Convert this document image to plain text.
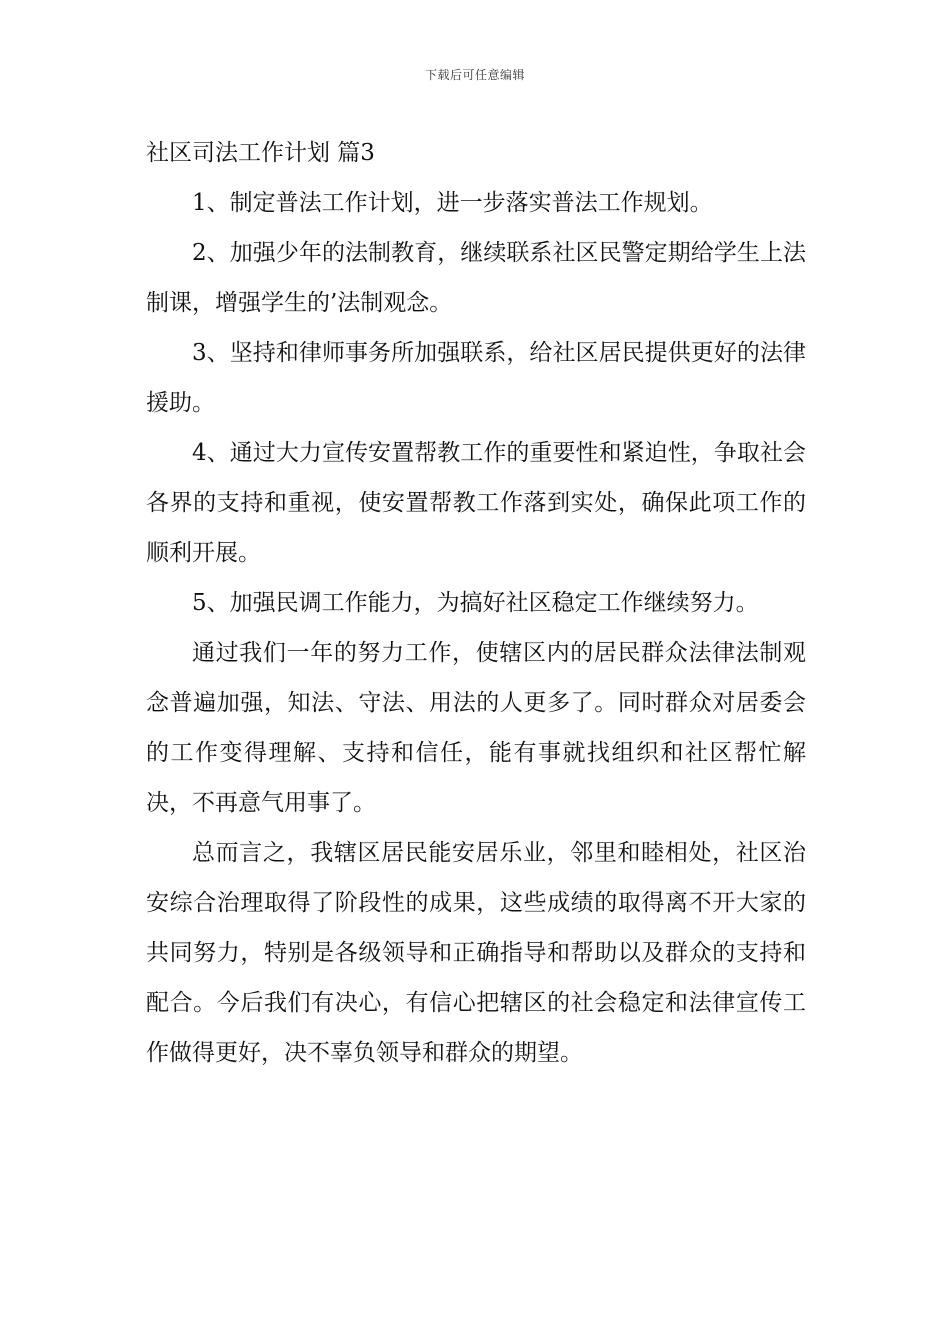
下载后可任意编辑
社区司法工作计划 篇3

1、制定普法工作计划，进一步落实普法工作规划。

2、加强少年的法制教育，继续联系社区民警定期给学生上法制课，增强学生的’法制观念。

3、坚持和律师事务所加强联系，给社区居民提供更好的法律援助。

4、通过大力宣传安置帮教工作的重要性和紧迫性，争取社会各界的支持和重视，使安置帮教工作落到实处，确保此项工作的顺利开展。

5、加强民调工作能力，为搞好社区稳定工作继续努力。

通过我们一年的努力工作，使辖区内的居民群众法律法制观念普遍加强，知法、守法、用法的人更多了。同时群众对居委会的工作变得理解、支持和信任，能有事就找组织和社区帮忙解决，不再意气用事了。

总而言之，我辖区居民能安居乐业，邻里和睦相处，社区治安综合治理取得了阶段性的成果，这些成绩的取得离不开大家的共同努力，特别是各级领导和正确指导和帮助以及群众的支持和配合。今后我们有决心，有信心把辖区的社会稳定和法律宣传工作做得更好，决不辜负领导和群众的期望。
